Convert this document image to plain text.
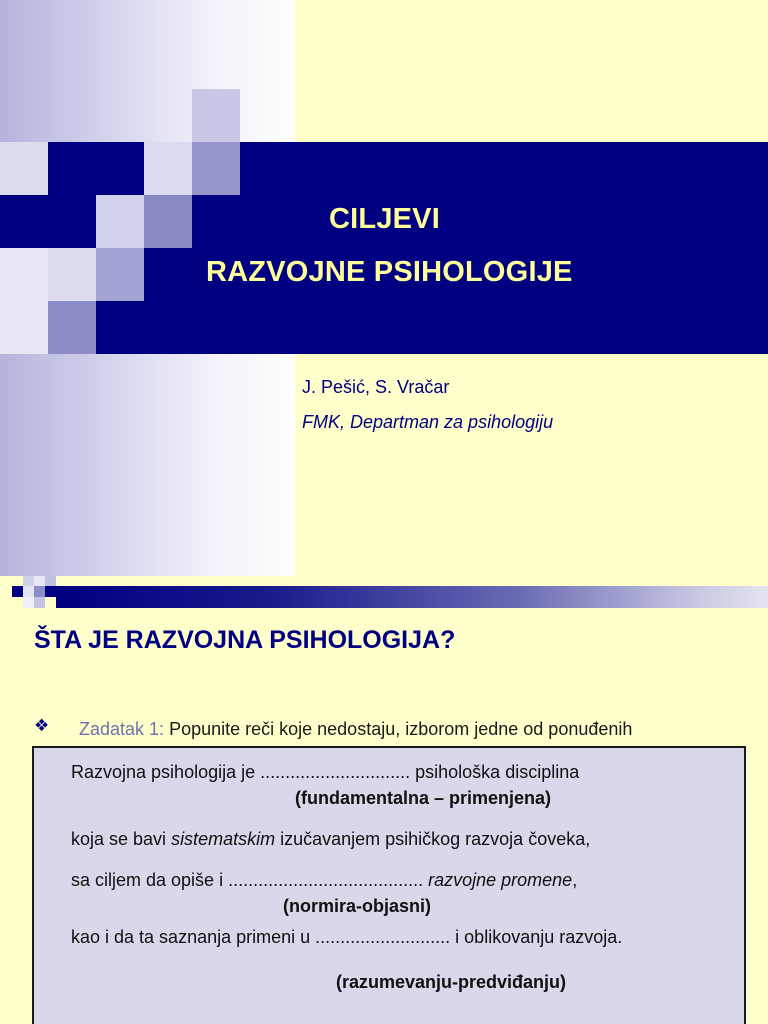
CILJEVI
RAZVOJNE PSIHOLOGIJE
J. Pešić, S. Vračar
FMK, Departman za psihologiju
ŠTA JE RAZVOJNA PSIHOLOGIJA?
❖ Zadatak 1: Popunite reči koje nedostaju, izborom jedne od ponuđenih
Razvojna psihologija je .............................. psihološka disciplina
(fundamentalna – primenjena)
koja se bavi sistematskim izučavanjem psihičkog razvoja čoveka,
sa ciljem da opiše i ....................................... razvojne promene,
(normira-objasni)
kao i da ta saznanja primeni u ........................... i oblikovanju razvoja.
(razumevanju-predviđanju)
